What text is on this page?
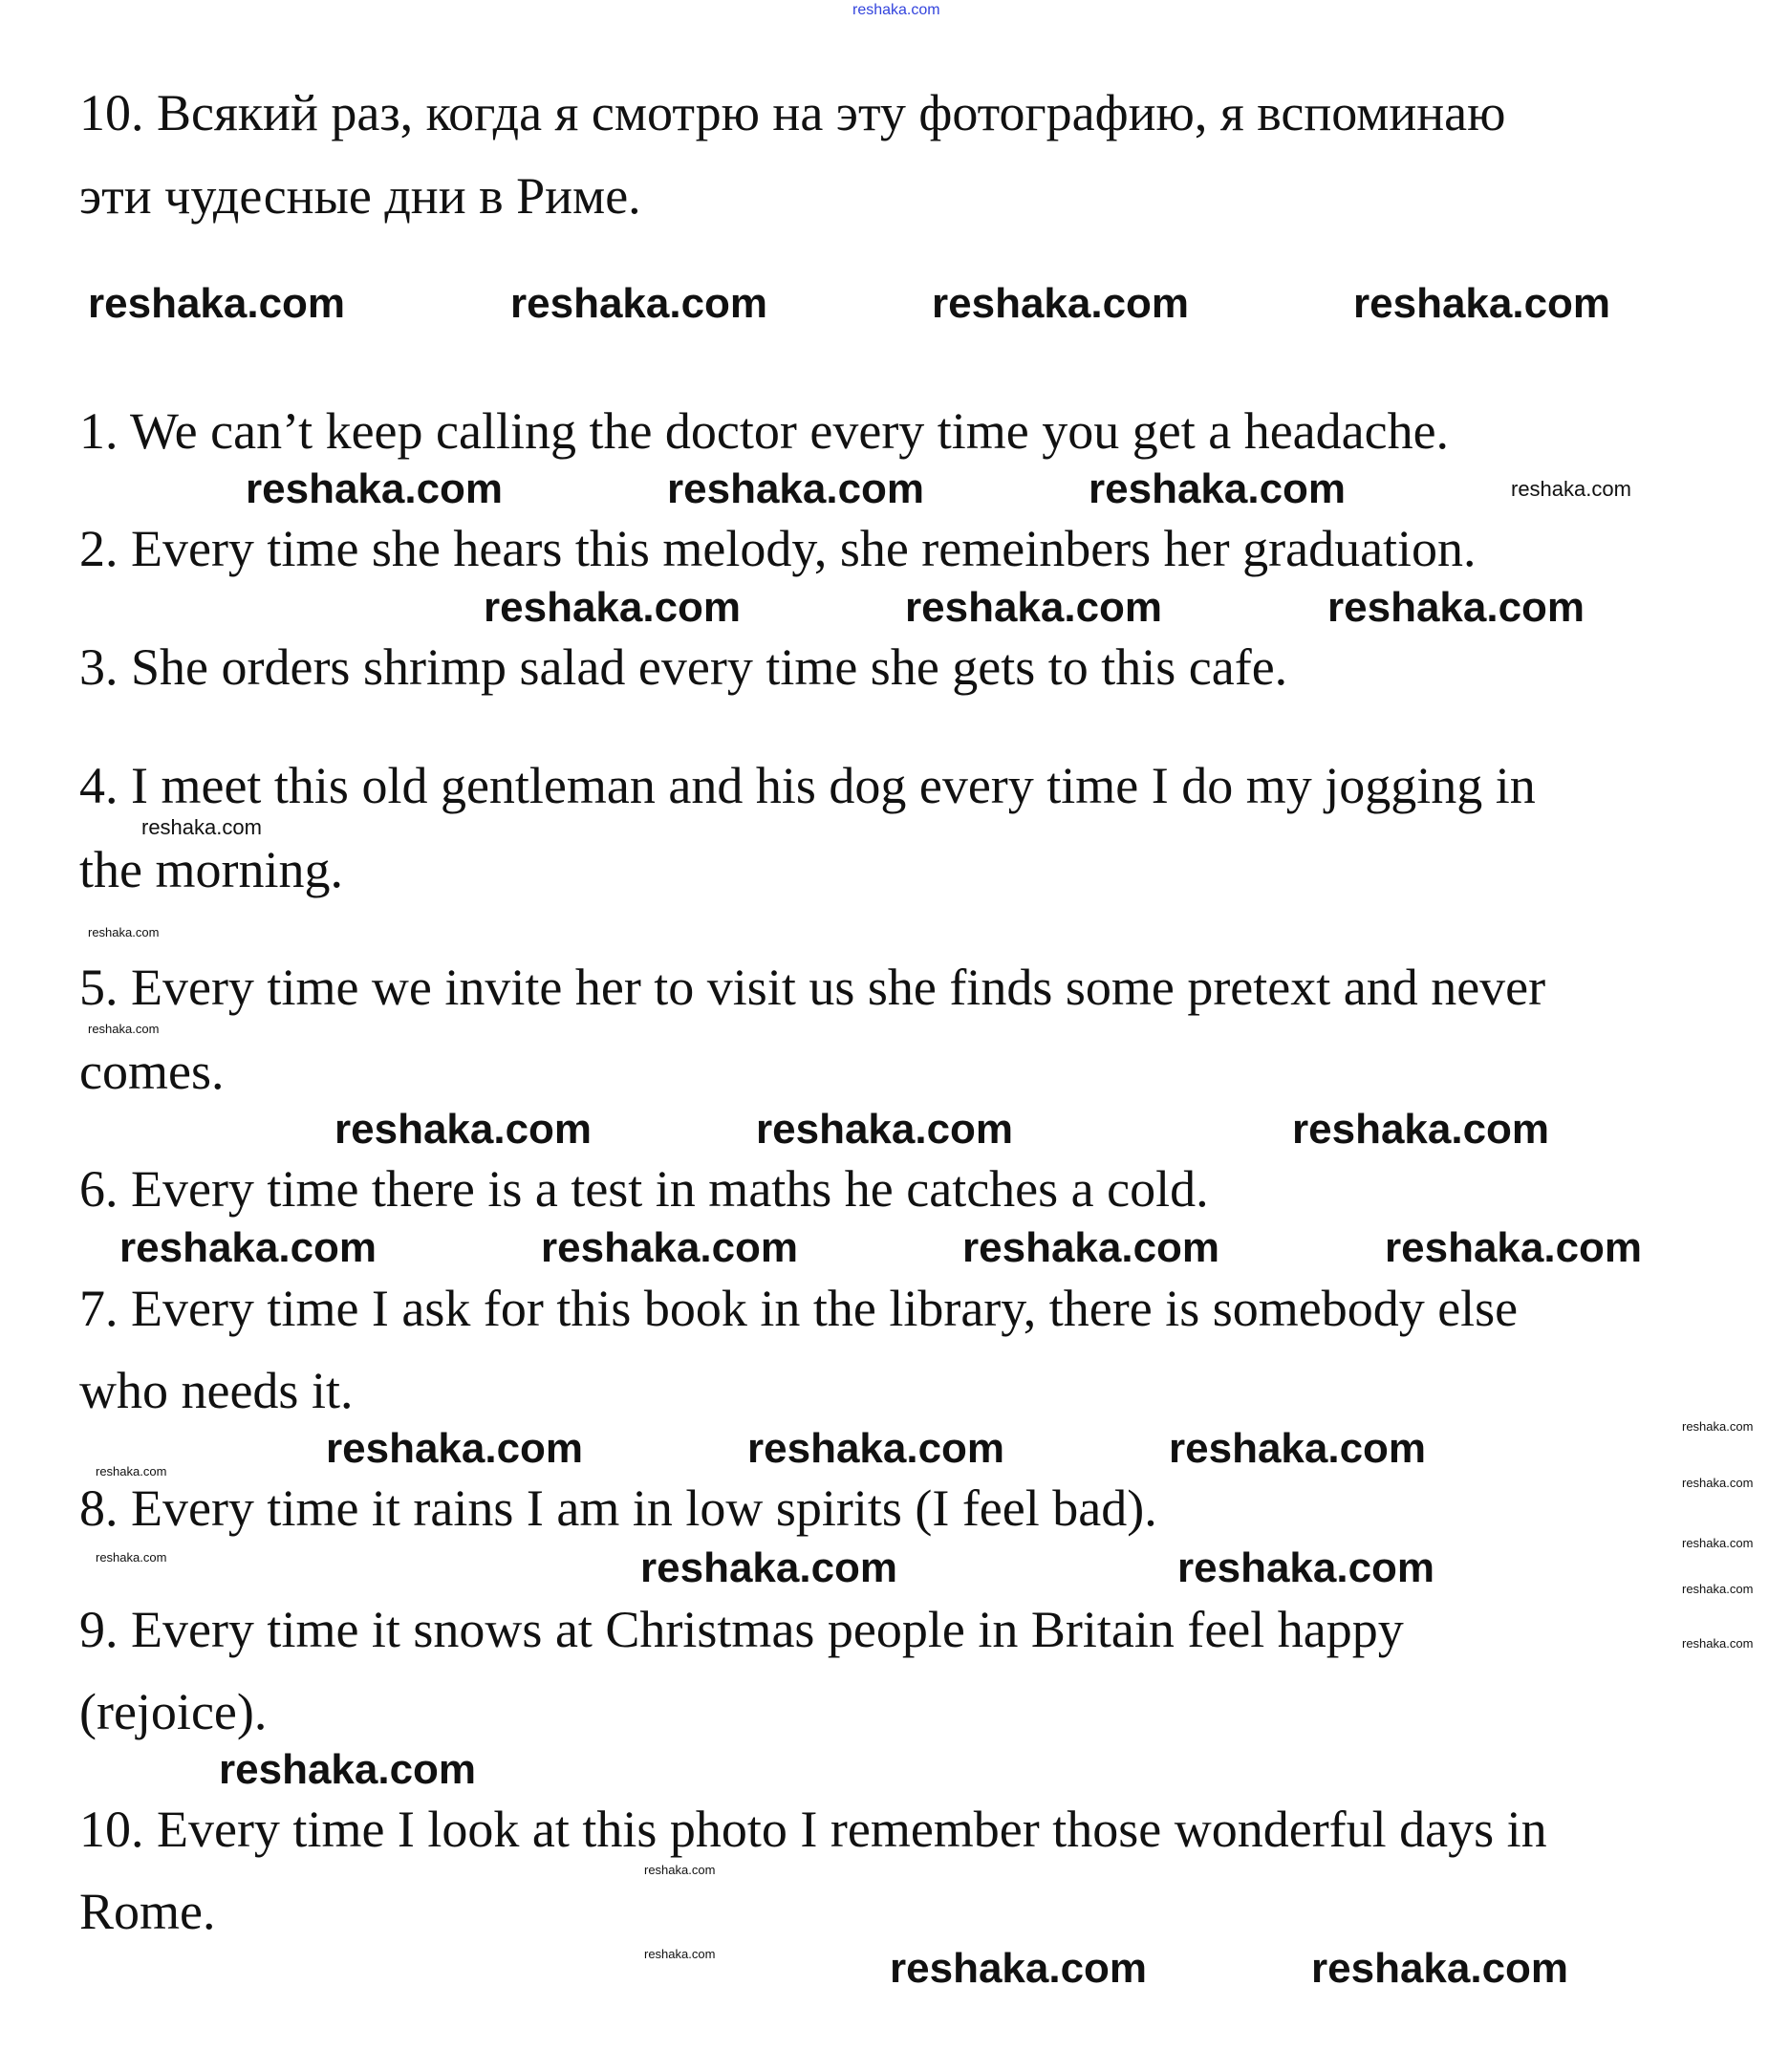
reshaka.com
10. Всякий раз, когда я смотрю на эту фотографию, я вспоминаю
эти чудесные дни в Риме.
1. We can’t keep calling the doctor every time you get a headache.
2. Every time she hears this melody, she remeinbers her graduation.
3. She orders shrimp salad every time she gets to this cafe.
4. I meet this old gentleman and his dog every time I do my jogging in
the morning.
5. Every time we invite her to visit us she finds some pretext and never
comes.
6. Every time there is a test in maths he catches a cold.
7. Every time I ask for this book in the library, there is somebody else
who needs it.
8. Every time it rains I am in low spirits (I feel bad).
9. Every time it snows at Christmas people in Britain feel happy
(rejoice).
10. Every time I look at this photo I remember those wonderful days in
Rome.
reshaka.com	reshaka.com	reshaka.com	reshaka.com
reshaka.com	reshaka.com	reshaka.com	reshaka.com
reshaka.com	reshaka.com	reshaka.com
reshaka.com
reshaka.com
reshaka.com
reshaka.com	reshaka.com	reshaka.com
reshaka.com	reshaka.com	reshaka.com	reshaka.com
reshaka.com	reshaka.com	reshaka.com	reshaka.com
reshaka.com
reshaka.com
reshaka.com
reshaka.com
reshaka.com
reshaka.com	reshaka.com	reshaka.com
reshaka.com
reshaka.com
reshaka.com	reshaka.com	reshaka.com
